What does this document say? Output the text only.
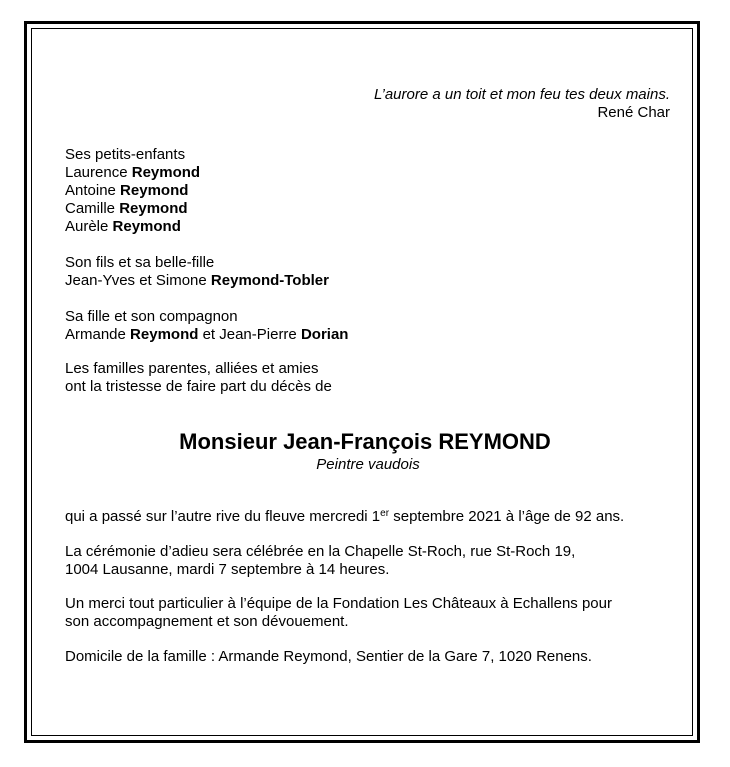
L’aurore a un toit et mon feu tes deux mains.
René Char
Ses petits-enfants
Laurence Reymond
Antoine Reymond
Camille Reymond
Aurèle Reymond
Son fils et sa belle-fille
Jean-Yves et Simone Reymond-Tobler
Sa fille et son compagnon
Armande Reymond et Jean-Pierre Dorian
Les familles parentes, alliées et amies
ont la tristesse de faire part du décès de
Monsieur Jean-François REYMOND
Peintre vaudois
qui a passé sur l’autre rive du fleuve mercredi 1er septembre 2021 à l’âge de 92 ans.
La cérémonie d’adieu sera célébrée en la Chapelle St-Roch, rue St-Roch 19,
1004 Lausanne, mardi 7 septembre à 14 heures.
Un merci tout particulier à l’équipe de la Fondation Les Châteaux à Echallens pour
son accompagnement et son dévouement.
Domicile de la famille : Armande Reymond, Sentier de la Gare 7, 1020 Renens.
